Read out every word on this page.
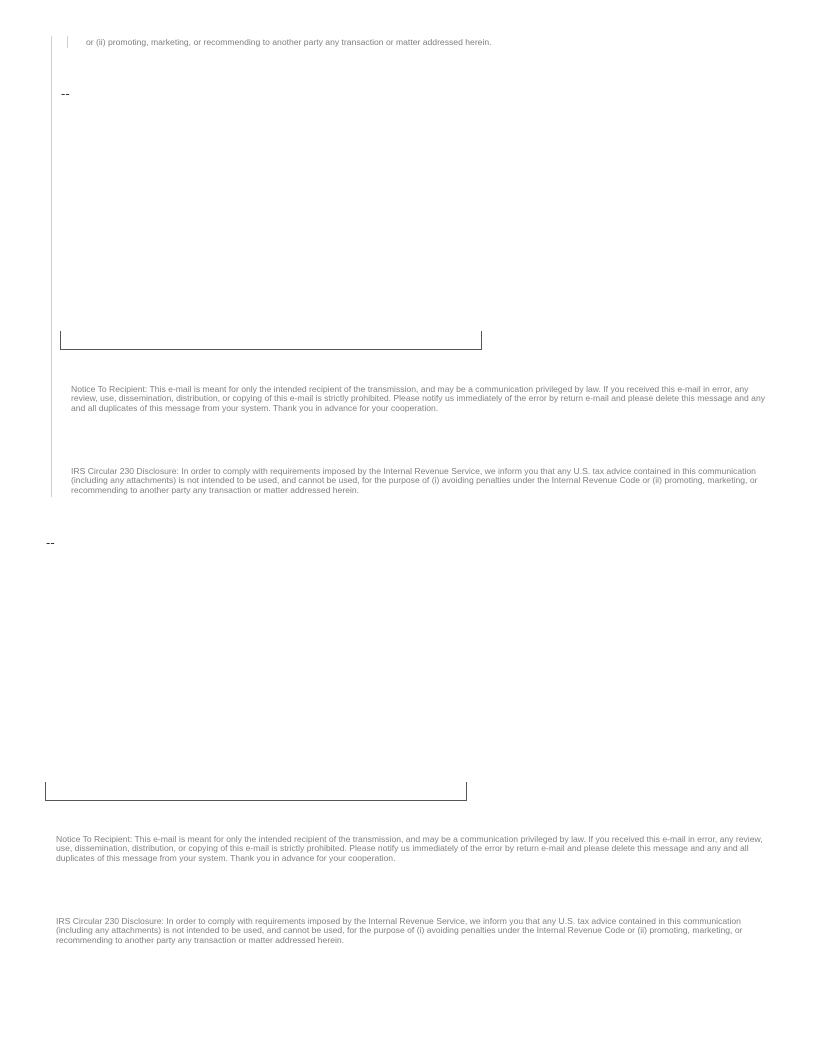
or (ii) promoting, marketing, or recommending to another party any transaction or matter addressed herein.
--

Notice To Recipient: This e-mail is meant for only the intended recipient of the transmission, and may be a communication privileged by law. If you received this e-mail in error, any review, use, dissemination, distribution, or copying of this e-mail is strictly prohibited. Please notify us immediately of the error by return e-mail and please delete this message and any and all duplicates of this message from your system. Thank you in advance for your cooperation.

IRS Circular 230 Disclosure: In order to comply with requirements imposed by the Internal Revenue Service, we inform you that any U.S. tax advice contained in this communication (including any attachments) is not intended to be used, and cannot be used, for the purpose of (i) avoiding penalties under the Internal Revenue Code or (ii) promoting, marketing, or recommending to another party any transaction or matter addressed herein.

--

Notice To Recipient: This e-mail is meant for only the intended recipient of the transmission, and may be a communication privileged by law. If you received this e-mail in error, any review, use, dissemination, distribution, or copying of this e-mail is strictly prohibited. Please notify us immediately of the error by return e-mail and please delete this message and any and all duplicates of this message from your system. Thank you in advance for your cooperation.

IRS Circular 230 Disclosure: In order to comply with requirements imposed by the Internal Revenue Service, we inform you that any U.S. tax advice contained in this communication (including any attachments) is not intended to be used, and cannot be used, for the purpose of (i) avoiding penalties under the Internal Revenue Code or (ii) promoting, marketing, or recommending to another party any transaction or matter addressed herein.
